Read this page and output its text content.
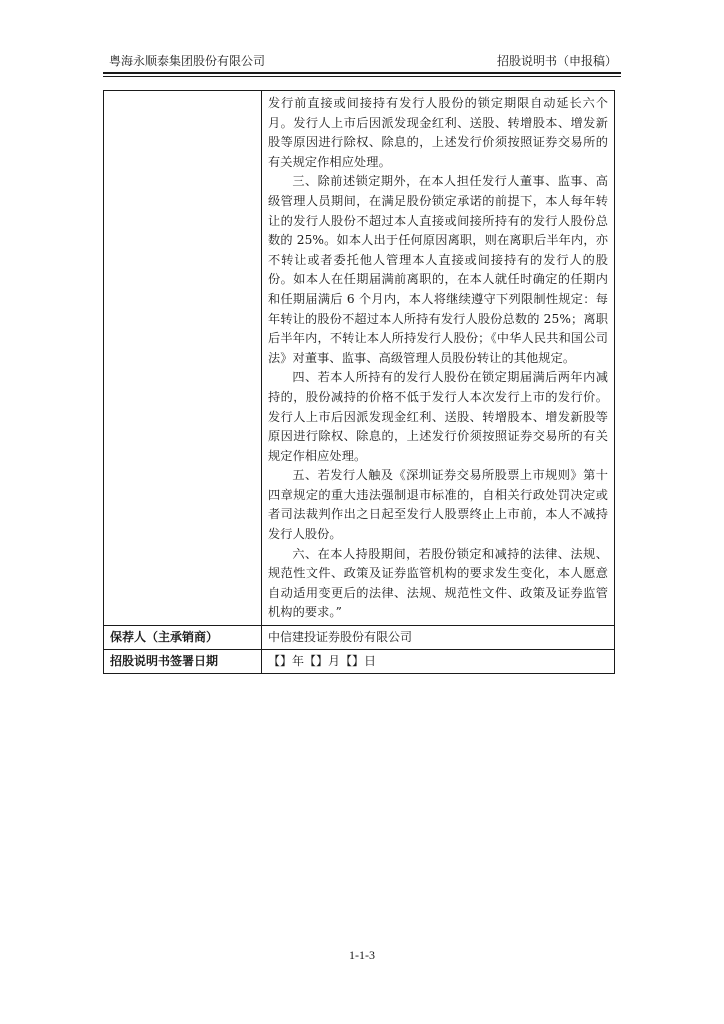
粤海永顺泰集团股份有限公司	招股说明书（申报稿）

	发行前直接或间接持有发行人股份的锁定期限自动延长六个月。发行人上市后因派发现金红利、送股、转增股本、增发新股等原因进行除权、除息的，上述发行价须按照证券交易所的有关规定作相应处理。

三、除前述锁定期外，在本人担任发行人董事、监事、高级管理人员期间，在满足股份锁定承诺的前提下，本人每年转让的发行人股份不超过本人直接或间接所持有的发行人股份总数的 25%。如本人出于任何原因离职，则在离职后半年内，亦不转让或者委托他人管理本人直接或间接持有的发行人的股份。如本人在任期届满前离职的，在本人就任时确定的任期内和任期届满后 6 个月内，本人将继续遵守下列限制性规定：每年转让的股份不超过本人所持有发行人股份总数的 25%；离职后半年内，不转让本人所持发行人股份；《中华人民共和国公司法》对董事、监事、高级管理人员股份转让的其他规定。

四、若本人所持有的发行人股份在锁定期届满后两年内减持的，股份减持的价格不低于发行人本次发行上市的发行价。发行人上市后因派发现金红利、送股、转增股本、增发新股等原因进行除权、除息的，上述发行价须按照证券交易所的有关规定作相应处理。

五、若发行人触及《深圳证券交易所股票上市规则》第十四章规定的重大违法强制退市标准的，自相关行政处罚决定或者司法裁判作出之日起至发行人股票终止上市前，本人不减持发行人股份。

六、在本人持股期间，若股份锁定和减持的法律、法规、规范性文件、政策及证券监管机构的要求发生变化，本人愿意自动适用变更后的法律、法规、规范性文件、政策及证券监管机构的要求。”

保荐人（主承销商）	中信建投证券股份有限公司
招股说明书签署日期	【】年【】月【】日
1-1-3
